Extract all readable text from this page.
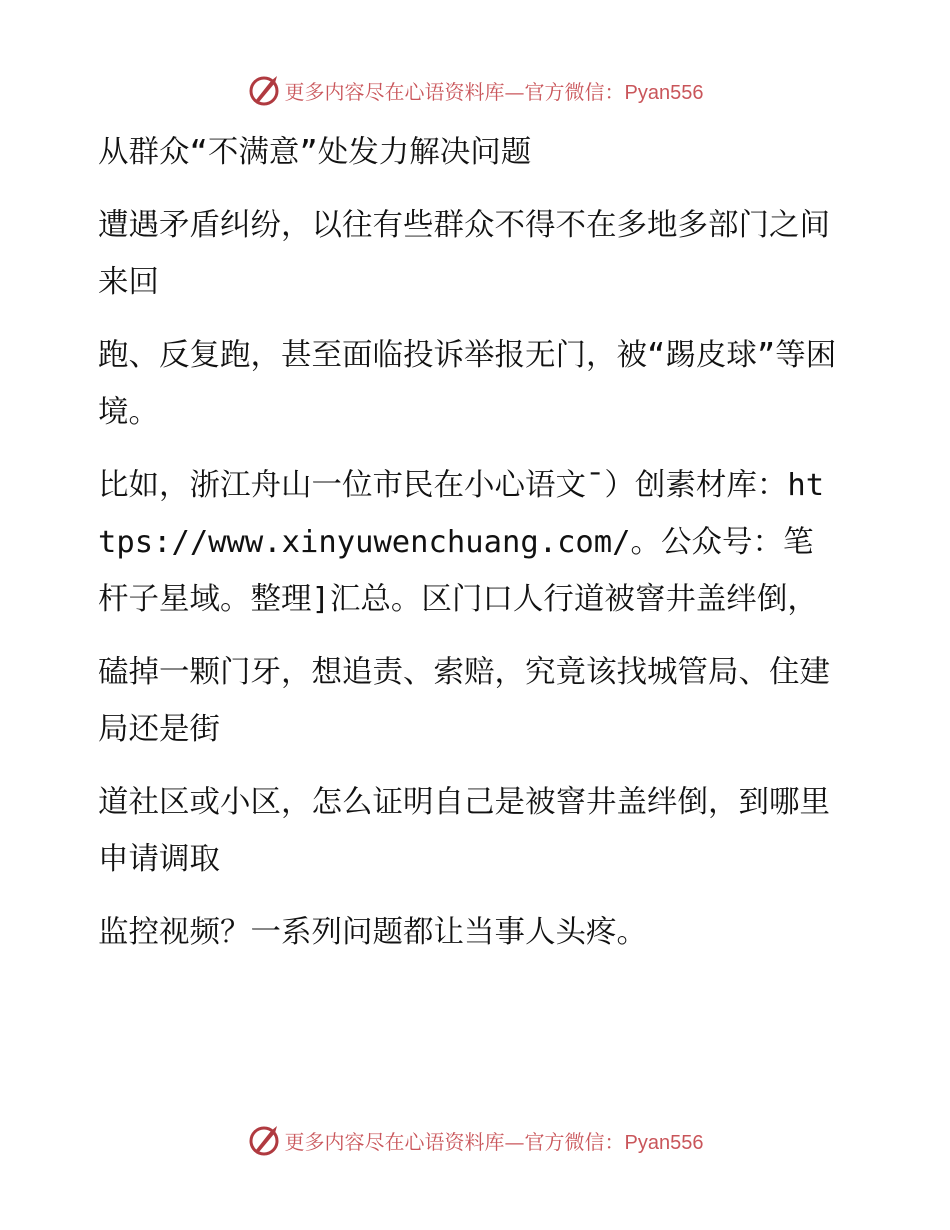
更多内容尽在心语资料库—官方微信：Pyan556

从群众“不满意”处发力解决问题

遭遇矛盾纠纷，以往有些群众不得不在多地多部门之间来回

跑、反复跑，甚至面临投诉举报无门，被“踢皮球”等困境。

比如，浙江舟山一位市民在小心语文¯）创素材库：https://www.xinyuwenchuang.com/。公众号：笔杆子星域。整理]汇总。区门口人行道被窨井盖绊倒，

磕掉一颗门牙，想追责、索赔，究竟该找城管局、住建局还是街

道社区或小区，怎么证明自己是被窨井盖绊倒，到哪里申请调取

监控视频？一系列问题都让当事人头疼。

更多内容尽在心语资料库—官方微信：Pyan556
